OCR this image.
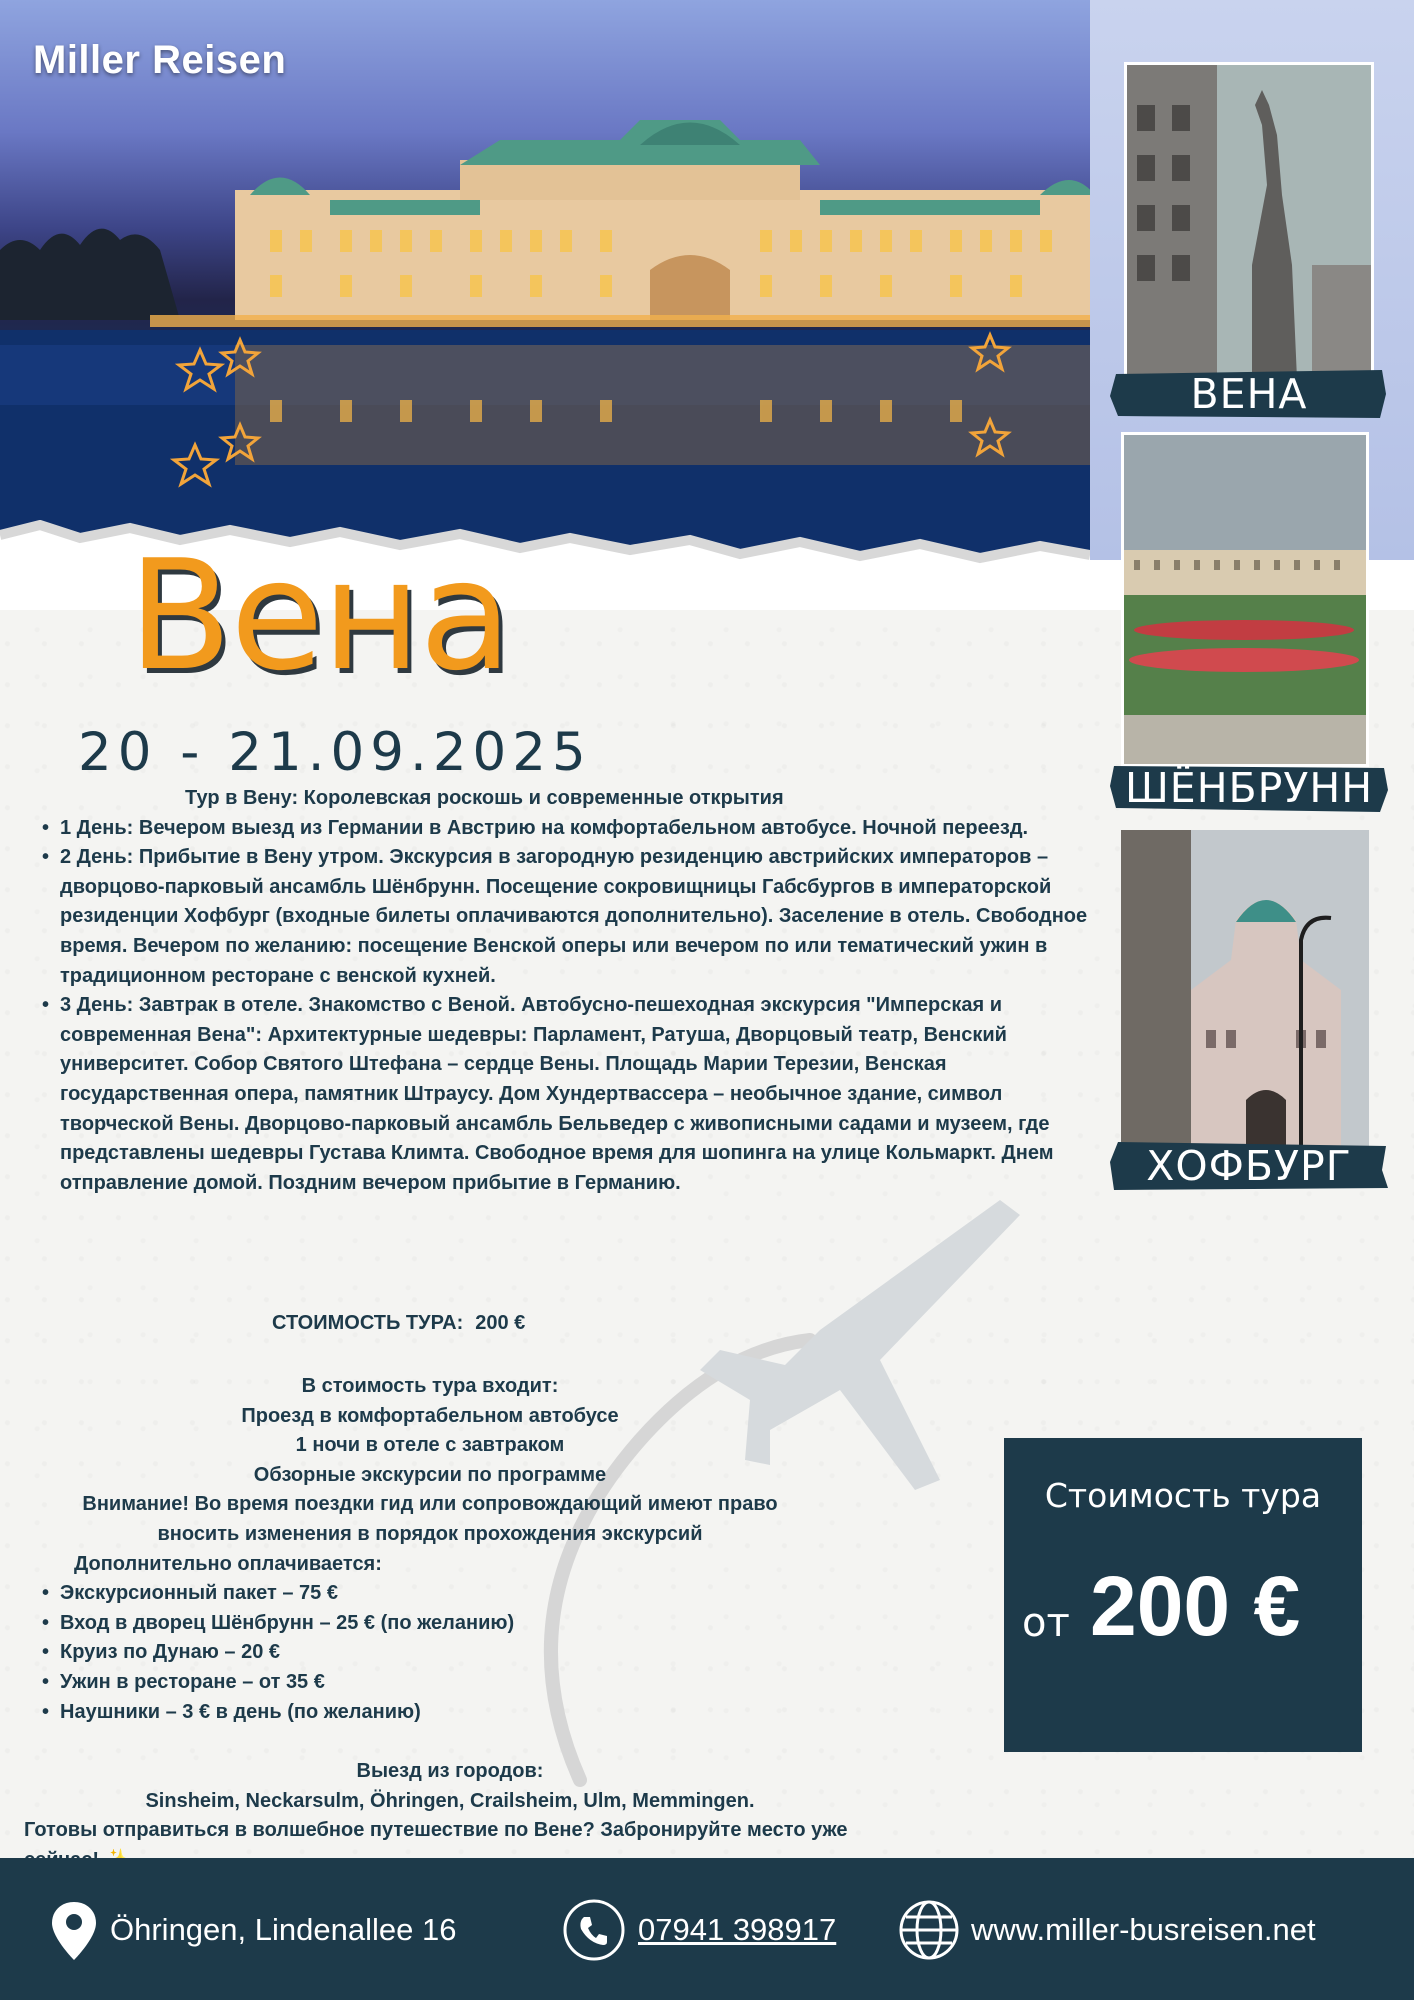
Miller Reisen
ВЕНА
ШЁНБРУНН
ХОФБУРГ
Вена
20 - 21.09.2025

Тур в Вену: Королевская роскошь и современные открытия

• 1 День: Вечером выезд из Германии в Австрию на комфортабельном автобусе. Ночной переезд.
• 2 День: Прибытие в Вену утром. Экскурсия в загородную резиденцию австрийских императоров – дворцово-парковый ансамбль Шёнбрунн. Посещение сокровищницы Габсбургов в императорской резиденции Хофбург (входные билеты оплачиваются дополнительно). Заселение в отель. Свободное время. Вечером по желанию: посещение Венской оперы или вечером по или тематический ужин в традиционном ресторане с венской кухней.
• 3 День: Завтрак в отеле. Знакомство с Веной. Автобусно-пешеходная экскурсия "Имперская и современная Вена": Архитектурные шедевры: Парламент, Ратуша, Дворцовый театр, Венский университет. Собор Святого Штефана – сердце Вены. Площадь Марии Терезии, Венская государственная опера, памятник Штраусу. Дом Хундертвассера – необычное здание, символ творческой Вены. Дворцово-парковый ансамбль Бельведер с живописными садами и музеем, где представлены шедевры Густава Климта. Свободное время для шопинга на улице Кольмаркт. Днем отправление домой. Поздним вечером прибытие в Германию.
СТОИМОСТЬ ТУРА: 200 €
В стоимость тура входит:
Проезд в комфортабельном автобусе
1 ночи в отеле с завтраком
Обзорные экскурсии по программе
Внимание! Во время поездки гид или сопровождающий имеют право
вносить изменения в порядок прохождения экскурсий
Дополнительно оплачивается:
• Экскурсионный пакет – 75 €
• Вход в дворец Шёнбрунн – 25 € (по желанию)
• Круиз по Дунаю – 20 €
• Ужин в ресторане – от 35 €
• Наушники – 3 € в день (по желанию)
Выезд из городов:
Sinsheim, Neckarsulm, Öhringen, Crailsheim, Ulm, Memmingen.
Готовы отправиться в волшебное путешествие по Вене? Забронируйте место уже
Стоимость тура
от 200 €
Öhringen, Lindenallee 16	07941 398917	www.miller-busreisen.net
